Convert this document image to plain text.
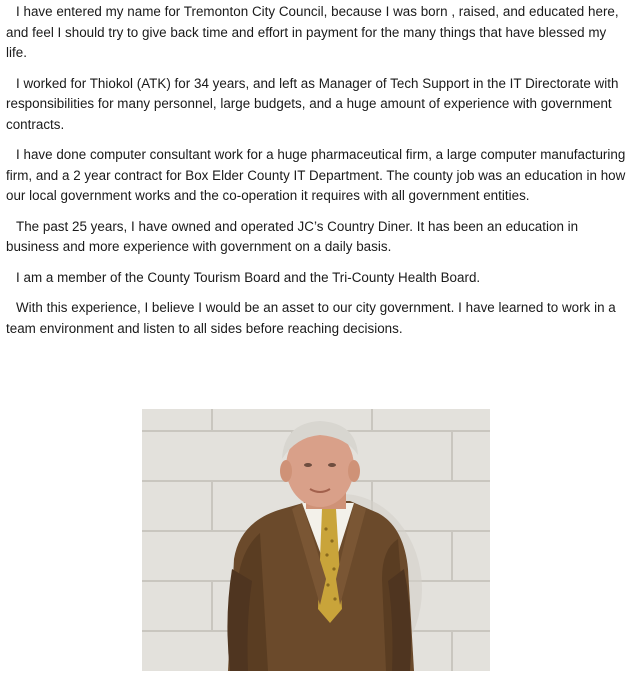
I have entered my name for Tremonton City Council, because I was born , raised, and educated here, and feel I should try to give back time and effort in payment for the many things that have blessed my life.

I worked for Thiokol (ATK) for 34 years, and left as Manager of Tech Support in the IT Directorate with responsibilities for many personnel, large budgets, and a huge amount of experience with government contracts.

I have done computer consultant work for a huge pharmaceutical firm, a large computer manufacturing firm, and a 2 year contract for Box Elder County IT Department. The county job was an education in how our local government works and the co-operation it requires with all government entities.

The past 25 years, I have owned and operated JC’s Country Diner. It has been an education in business and more experience with government on a daily basis.

I am a member of the County Tourism Board and the Tri-County Health Board.

With this experience, I believe I would be an asset to our city government. I have learned to work in a team environment and listen to all sides before reaching decisions.
